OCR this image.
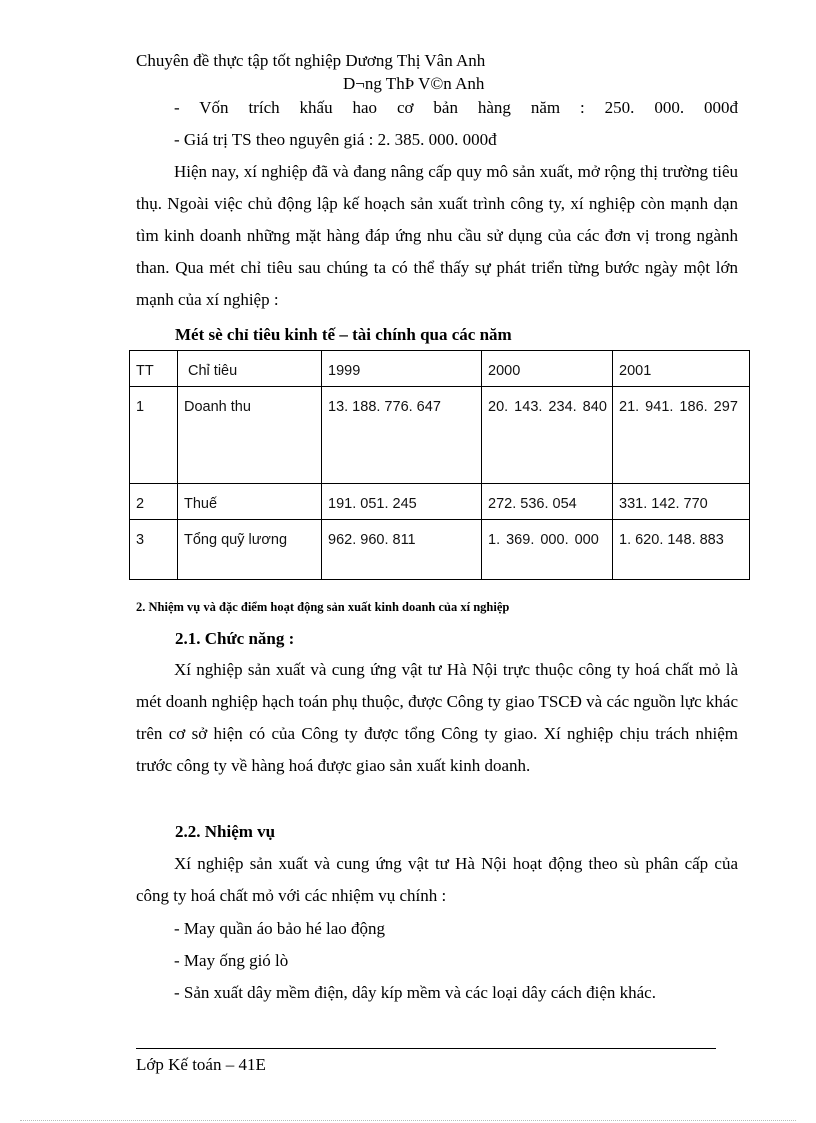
Chuyên đề thực tập tốt nghiệp Dương Thị Vân Anh
D¬ng ThÞ V©n Anh
- Vốn trích khấu hao cơ bản hàng năm : 250. 000. 000đ
- Giá trị TS theo nguyên giá : 2. 385. 000. 000đ

Hiện nay, xí nghiệp đã và đang nâng cấp quy mô sản xuất, mở rộng thị trường tiêu thụ. Ngoài việc chủ động lập kế hoạch sản xuất trình công ty, xí nghiệp còn mạnh dạn tìm kinh doanh những mặt hàng đáp ứng nhu cầu sử dụng của các đơn vị trong ngành than. Qua mét chỉ tiêu sau chúng ta có thể thấy sự phát triển từng bước ngày một lớn mạnh của xí nghiệp :

Mét sè chỉ tiêu kinh tế – tài chính qua các năm
TT	Chỉ tiêu	1999	2000	2001
1	Doanh thu	13. 188. 776. 647	20. 143. 234. 840	21. 941. 186. 297
2	Thuế	191. 051. 245	272. 536. 054	331. 142. 770
3	Tổng quỹ lương	962. 960. 811	1. 369. 000. 000	1. 620. 148. 883
2. Nhiệm vụ và đặc điểm hoạt động sản xuất kinh doanh của xí nghiệp
2.1. Chức năng :

Xí nghiệp sản xuất và cung ứng vật tư Hà Nội trực thuộc công ty hoá chất mỏ là mét doanh nghiệp hạch toán phụ thuộc, được Công ty giao TSCĐ và các nguồn lực khác trên cơ sở hiện có của Công ty được tổng Công ty giao. Xí nghiệp chịu trách nhiệm trước công ty về hàng hoá được giao sản xuất kinh doanh.

2.2. Nhiệm vụ

Xí nghiệp sản xuất và cung ứng vật tư Hà Nội hoạt động theo sù phân cấp của công ty hoá chất mỏ với các nhiệm vụ chính :

- May quần áo bảo hé lao động
- May ống gió lò
- Sản xuất dây mềm điện, dây kíp mềm và các loại dây cách điện khác.
Lớp Kế toán – 41E
